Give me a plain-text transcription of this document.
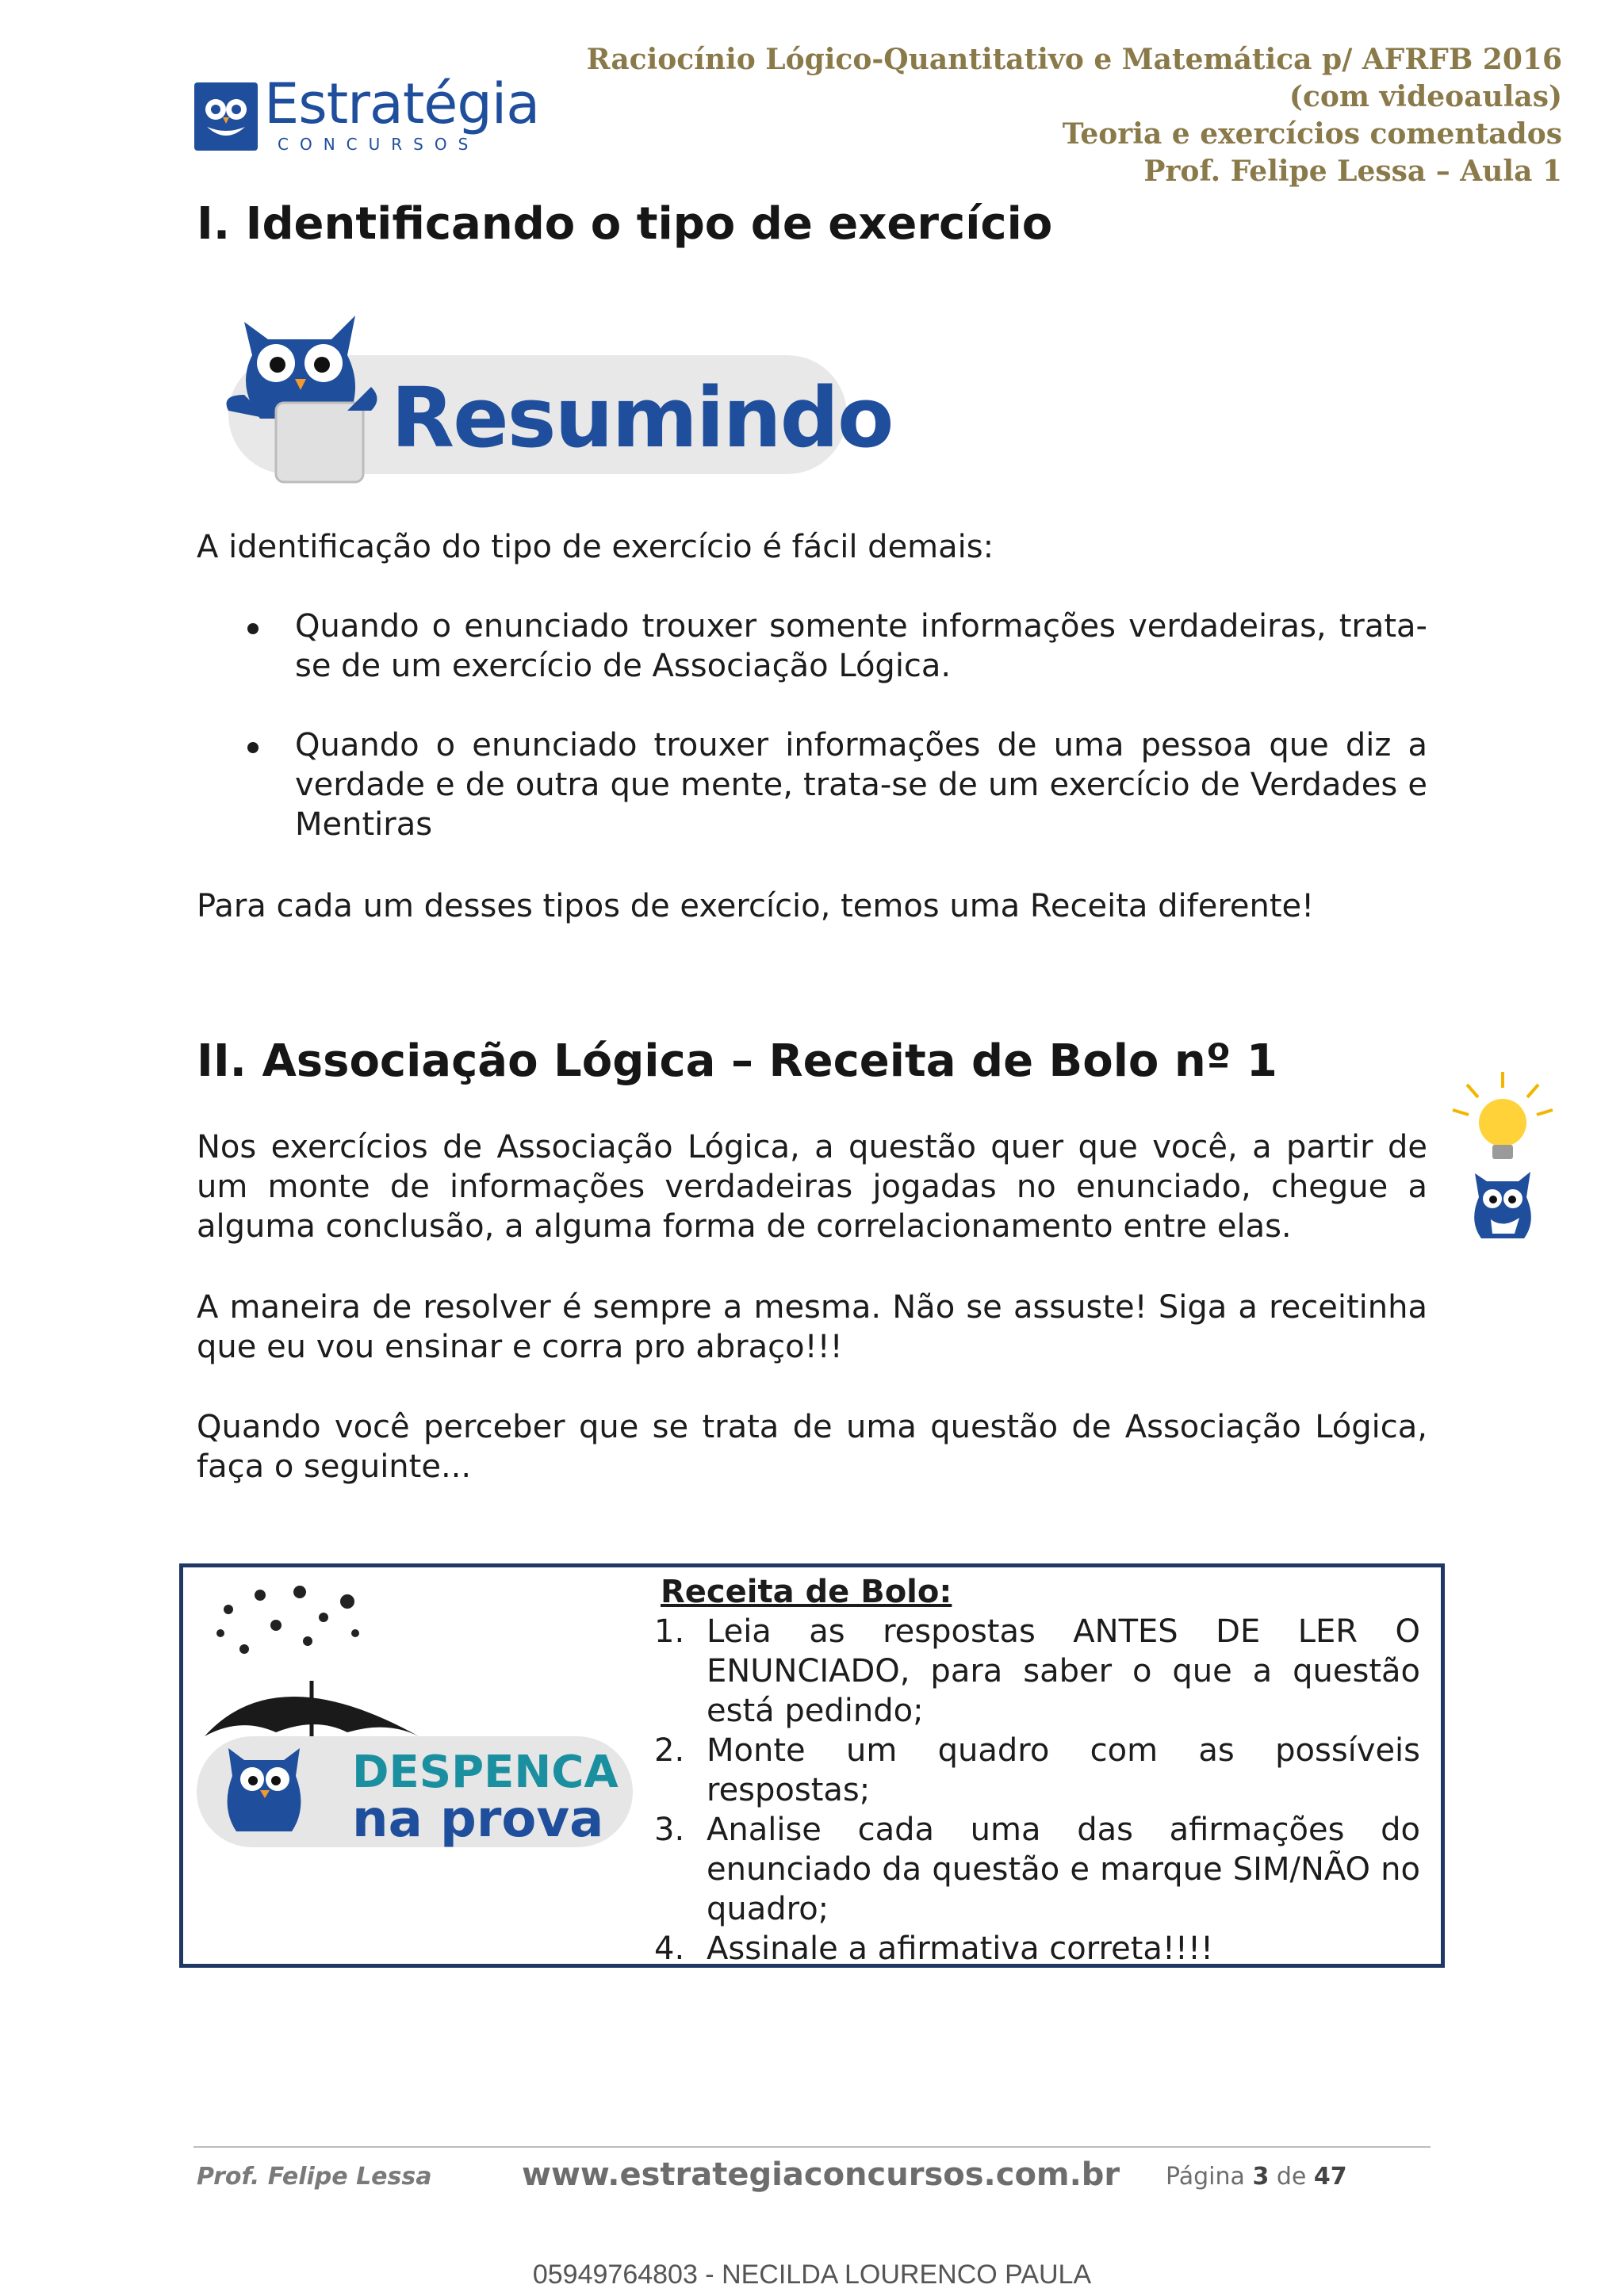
Estratégia
CONCURSOS
Raciocínio Lógico-Quantitativo e Matemática p/ AFRFB 2016
(com videoaulas)
Teoria e exercícios comentados
Prof. Felipe Lessa – Aula 1
I. Identificando o tipo de exercício
Resumindo

A identificação do tipo de exercício é fácil demais:

Quando o enunciado trouxer somente informações verdadeiras, trata-se de um exercício de Associação Lógica.

Quando o enunciado trouxer informações de uma pessoa que diz a verdade e de outra que mente, trata-se de um exercício de Verdades e Mentiras

Para cada um desses tipos de exercício, temos uma Receita diferente!

II. Associação Lógica – Receita de Bolo nº 1

Nos exercícios de Associação Lógica, a questão quer que você, a partir de um monte de informações verdadeiras jogadas no enunciado, chegue a alguma conclusão, a alguma forma de correlacionamento entre elas.

A maneira de resolver é sempre a mesma. Não se assuste! Siga a receitinha que eu vou ensinar e corra pro abraço!!!

Quando você perceber que se trata de uma questão de Associação Lógica, faça o seguinte...

Receita de Bolo:
1. Leia as respostas ANTES DE LER O ENUNCIADO, para saber o que a questão está pedindo;
2. Monte um quadro com as possíveis respostas;
3. Analise cada uma das afirmações do enunciado da questão e marque SIM/NÃO no quadro;
4. Assinale a afirmativa correta!!!!
DESPENCA
na prova
Prof. Felipe Lessa	www.estrategiaconcursos.com.br Página 3 de 47
05949764803 - NECILDA LOURENCO PAULA
